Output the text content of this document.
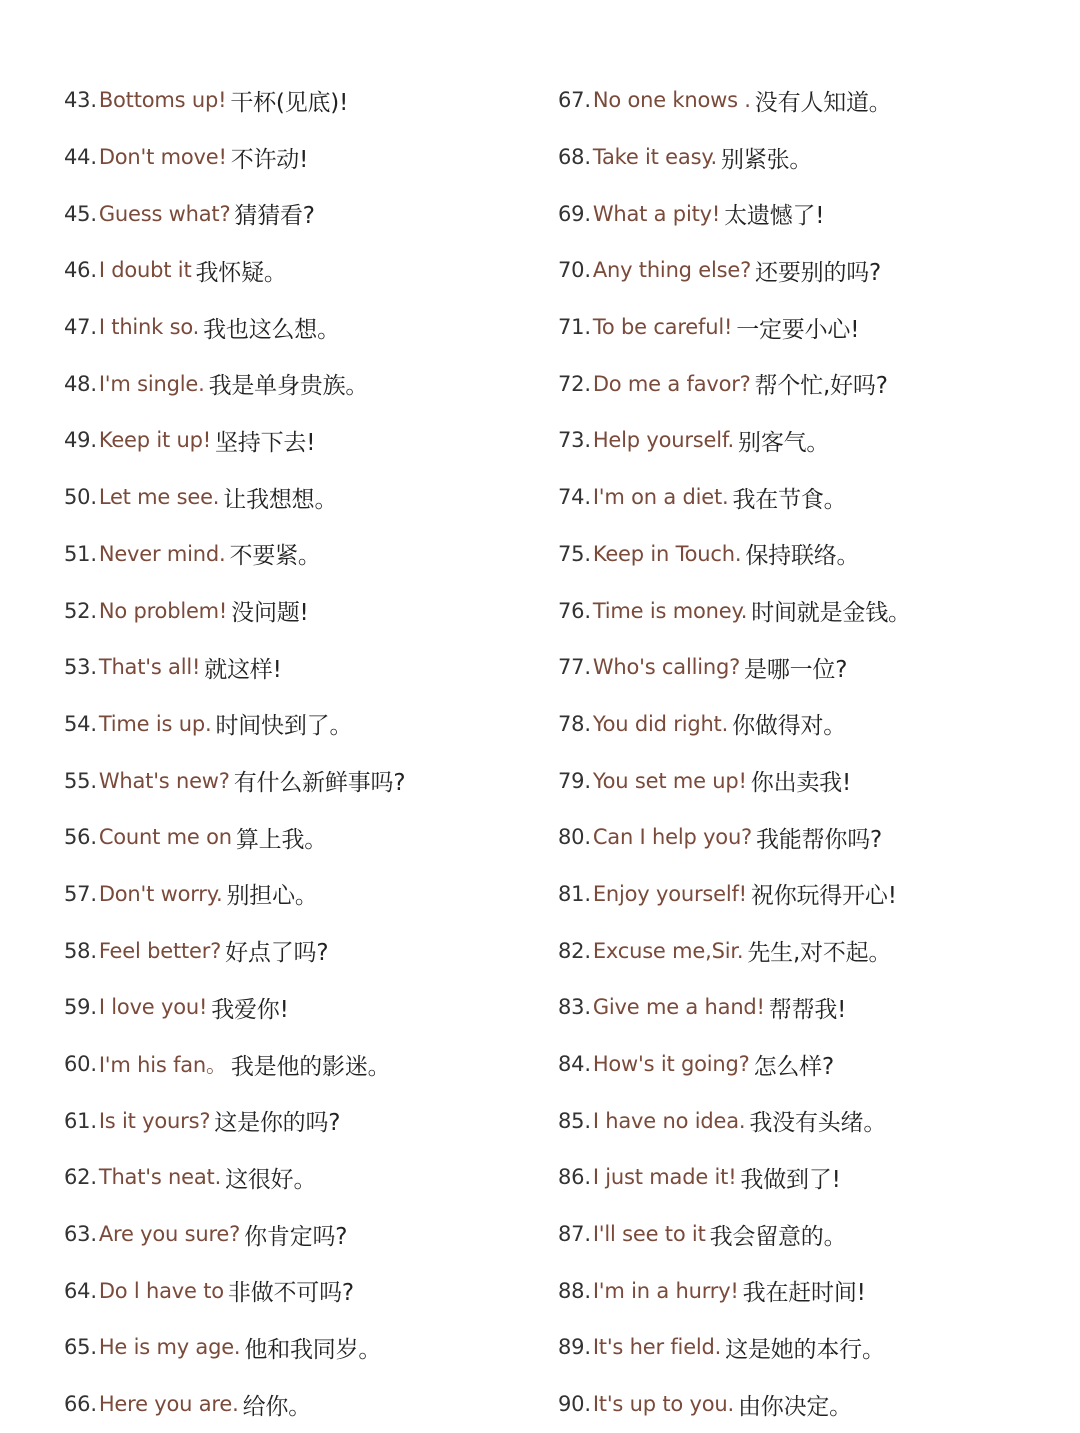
43. Bottoms up! 干杯(见底)!
44. Don't move! 不许动!
45. Guess what? 猜猜看?
46. I doubt it 我怀疑。
47. I think so. 我也这么想。
48. I'm single. 我是单身贵族。
49. Keep it up! 坚持下去!
50. Let me see. 让我想想。
51. Never mind. 不要紧。
52. No problem! 没问题!
53. That's all! 就这样!
54. Time is up. 时间快到了。
55. What's new? 有什么新鲜事吗?
56. Count me on 算上我。
57. Don't worry. 别担心。
58. Feel better? 好点了吗?
59. I love you! 我爱你!
60. I'm his fan。 我是他的影迷。
61. Is it yours? 这是你的吗?
62. That's neat. 这很好。
63. Are you sure? 你肯定吗?
64. Do l have to 非做不可吗?
65. He is my age. 他和我同岁。
66. Here you are. 给你。
67. No one knows . 没有人知道。
68. Take it easy. 别紧张。
69. What a pity! 太遗憾了!
70. Any thing else? 还要别的吗?
71. To be careful! 一定要小心!
72. Do me a favor? 帮个忙,好吗?
73. Help yourself. 别客气。
74. I'm on a diet. 我在节食。
75. Keep in Touch. 保持联络。
76. Time is money. 时间就是金钱。
77. Who's calling? 是哪一位?
78. You did right. 你做得对。
79. You set me up! 你出卖我!
80. Can I help you? 我能帮你吗?
81. Enjoy yourself! 祝你玩得开心!
82. Excuse me,Sir. 先生,对不起。
83. Give me a hand! 帮帮我!
84. How's it going? 怎么样?
85. I have no idea. 我没有头绪。
86. I just made it! 我做到了!
87. I'll see to it 我会留意的。
88. I'm in a hurry! 我在赶时间!
89. It's her field. 这是她的本行。
90. It's up to you. 由你决定。
